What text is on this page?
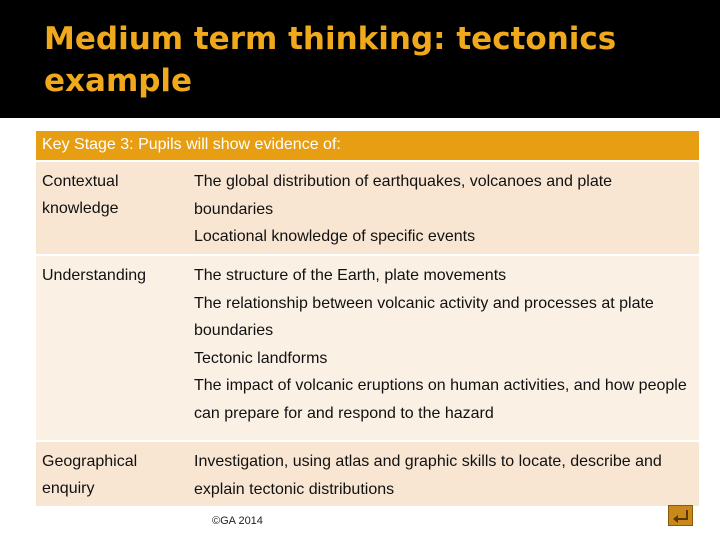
Medium term thinking: tectonics example
Key Stage 3: Pupils will show evidence of:	
Contextual knowledge	The global distribution of earthquakes, volcanoes and plate boundaries
Locational knowledge of specific events

Understanding	The structure of the Earth, plate movements
The relationship between volcanic activity and processes at plate boundaries
Tectonic landforms
The impact of volcanic eruptions on human activities, and how people can prepare for and respond to the hazard

Geographical enquiry	Investigation, using atlas and graphic skills to locate, describe and explain tectonic distributions
©GA 2014
